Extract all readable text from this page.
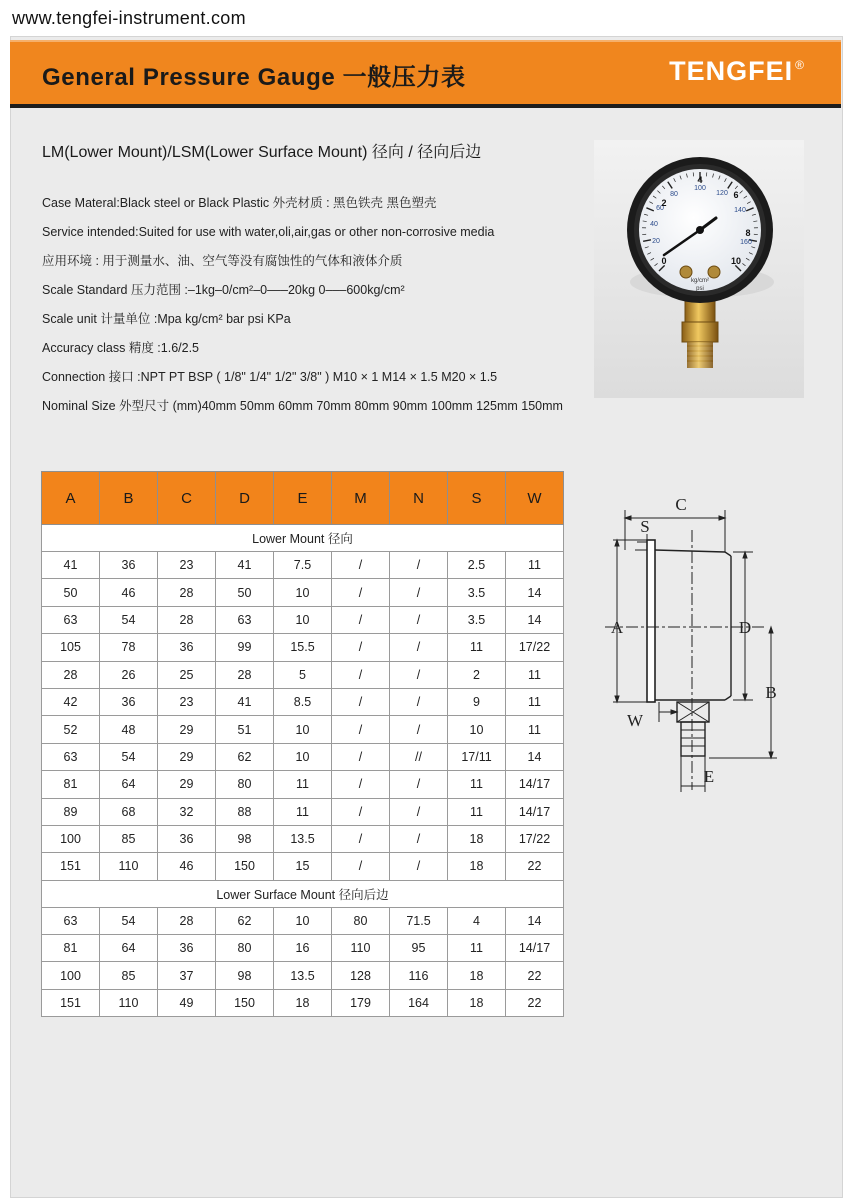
www.tengfei-instrument.com
General Pressure Gauge 一般压力表	TENGFEI ®
LM(Lower Mount)/LSM(Lower Surface Mount) 径向 / 径向后边
Case Materal:Black steel or Black Plastic 外壳材质 : 黑色铁壳 黑色塑壳
Service intended:Suited for use with water,oli,air,gas or other non-corrosive media
应用环境 : 用于测量水、油、空气等没有腐蚀性的气体和液体介质
Scale Standard 压力范围 :–1kg–0/cm²–0–––20kg 0–––600kg/cm²
Scale unit 计量单位 :Mpa kg/cm² bar psi KPa
Accuracy class 精度 :1.6/2.5
Connection 接口 :NPT PT BSP ( 1/8" 1/4" 1/2" 3/8" ) M10 × 1 M14 × 1.5 M20 × 1.5
Nominal Size 外型尺寸 (mm)40mm 50mm 60mm 70mm 80mm 90mm 100mm 125mm 150mm
20
40
60
80
100
120
140
160
0
2
4
6
8
10
kg/cm²
psi
A	B	C	D	E	M	N	S	W
Lower Mount 径向								
41	36	23	41	7.5	/	/	2.5	11
50	46	28	50	10	/	/	3.5	14
63	54	28	63	10	/	/	3.5	14
105	78	36	99	15.5	/	/	11	17/22
28	26	25	28	5	/	/	2	11
42	36	23	41	8.5	/	/	9	11
52	48	29	51	10	/	/	10	11
63	54	29	62	10	/	//	17/11	14
81	64	29	80	11	/	/	11	14/17
89	68	32	88	11	/	/	11	14/17
100	85	36	98	13.5	/	/	18	17/22
151	110	46	150	15	/	/	18	22
Lower Surface Mount 径向后边								
63	54	28	62	10	80	71.5	4	14
81	64	36	80	16	110	95	11	14/17
100	85	37	98	13.5	128	116	18	22
151	110	49	150	18	179	164	18	22
C
S
A	D
B
W
E
